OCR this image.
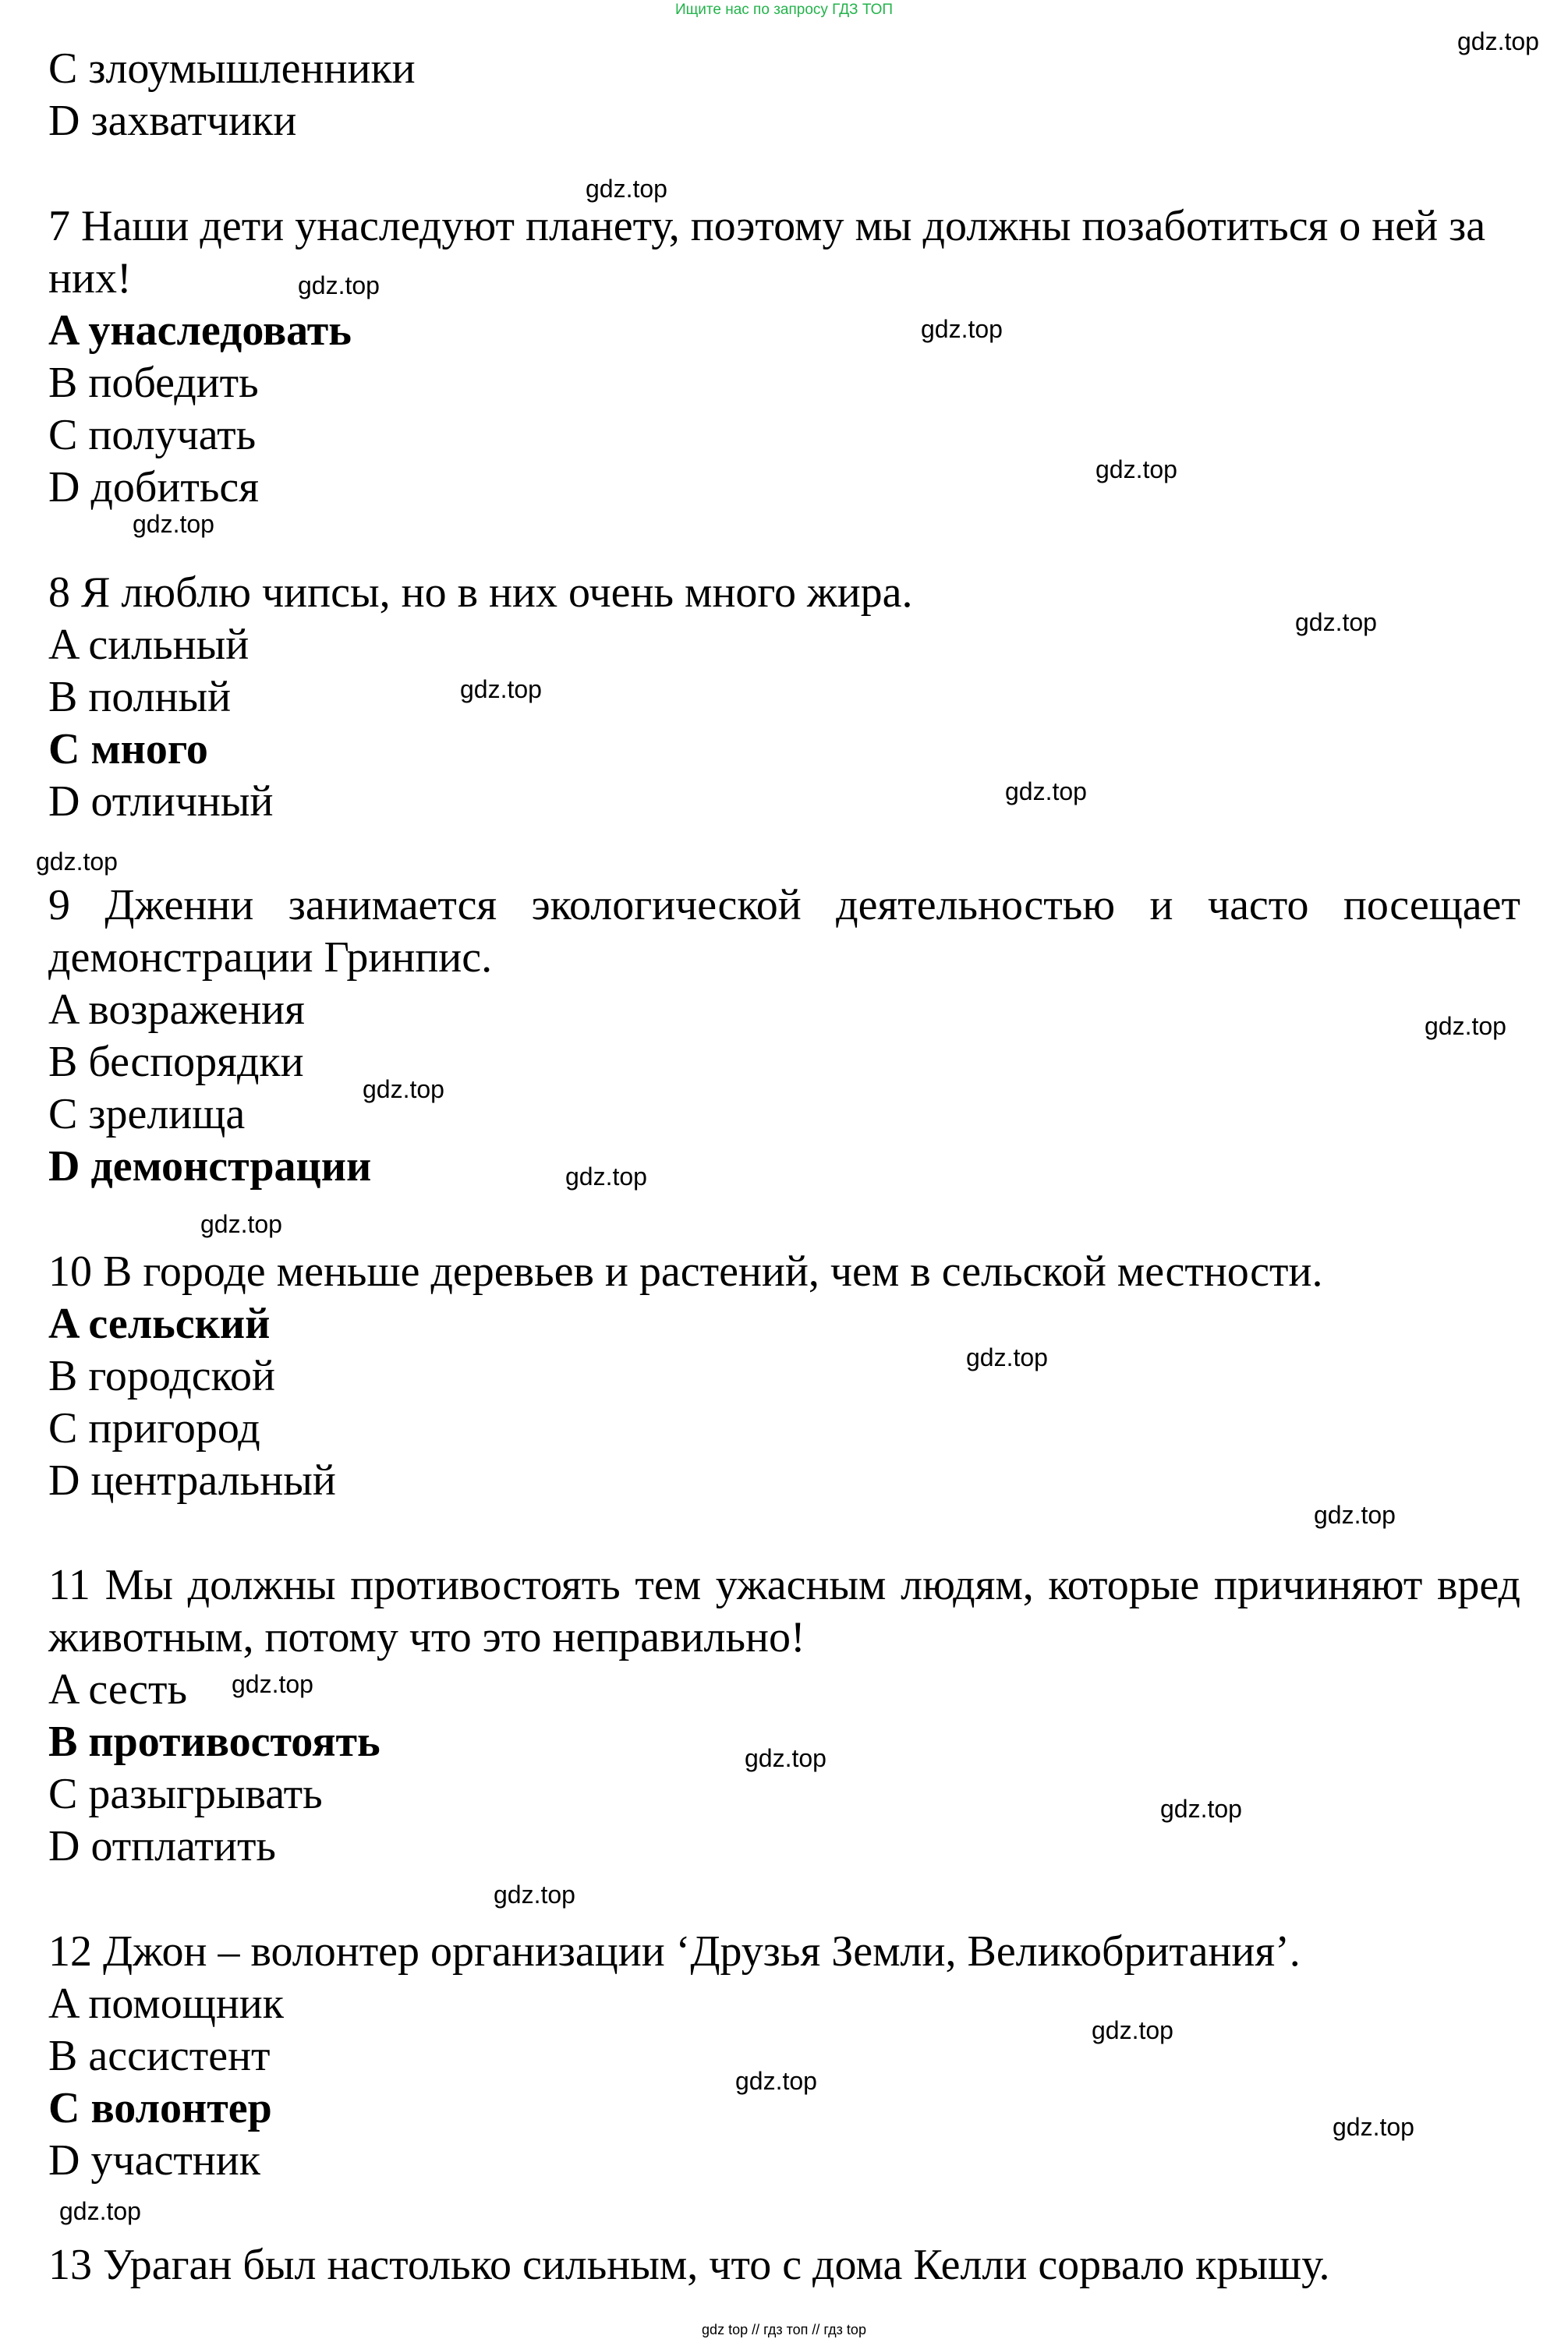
Ищите нас по запросу ГДЗ ТОП
C злоумышленники
D захватчики
7 Наши дети унаследуют планету, поэтому мы должны позаботиться о ней за них!
A унаследовать
B победить
C получать
D добиться
8 Я люблю чипсы, но в них очень много жира.
A сильный
B полный
C много
D отличный
9 Дженни занимается экологической деятельностью и часто посещает демонстрации Гринпис.
A возражения
B беспорядки
C зрелища
D демонстрации
10 В городе меньше деревьев и растений, чем в сельской местности.
A сельский
B городской
C пригород
D центральный
11 Мы должны противостоять тем ужасным людям, которые причиняют вред животным, потому что это неправильно!
A сесть
B противостоять
C разыгрывать
D отплатить
12 Джон – волонтер организации ‘Друзья Земли, Великобритания’.
A помощник
B ассистент
C волонтер
D участник
13 Ураган был настолько сильным, что с дома Келли сорвало крышу.
gdz.top
gdz.top
gdz.top
gdz.top
gdz.top
gdz.top
gdz.top
gdz.top
gdz.top
gdz.top
gdz.top
gdz.top
gdz.top
gdz.top
gdz.top
gdz.top
gdz.top
gdz.top
gdz.top
gdz.top
gdz.top
gdz.top
gdz.top
gdz.top
gdz top // гдз топ // гдз top
